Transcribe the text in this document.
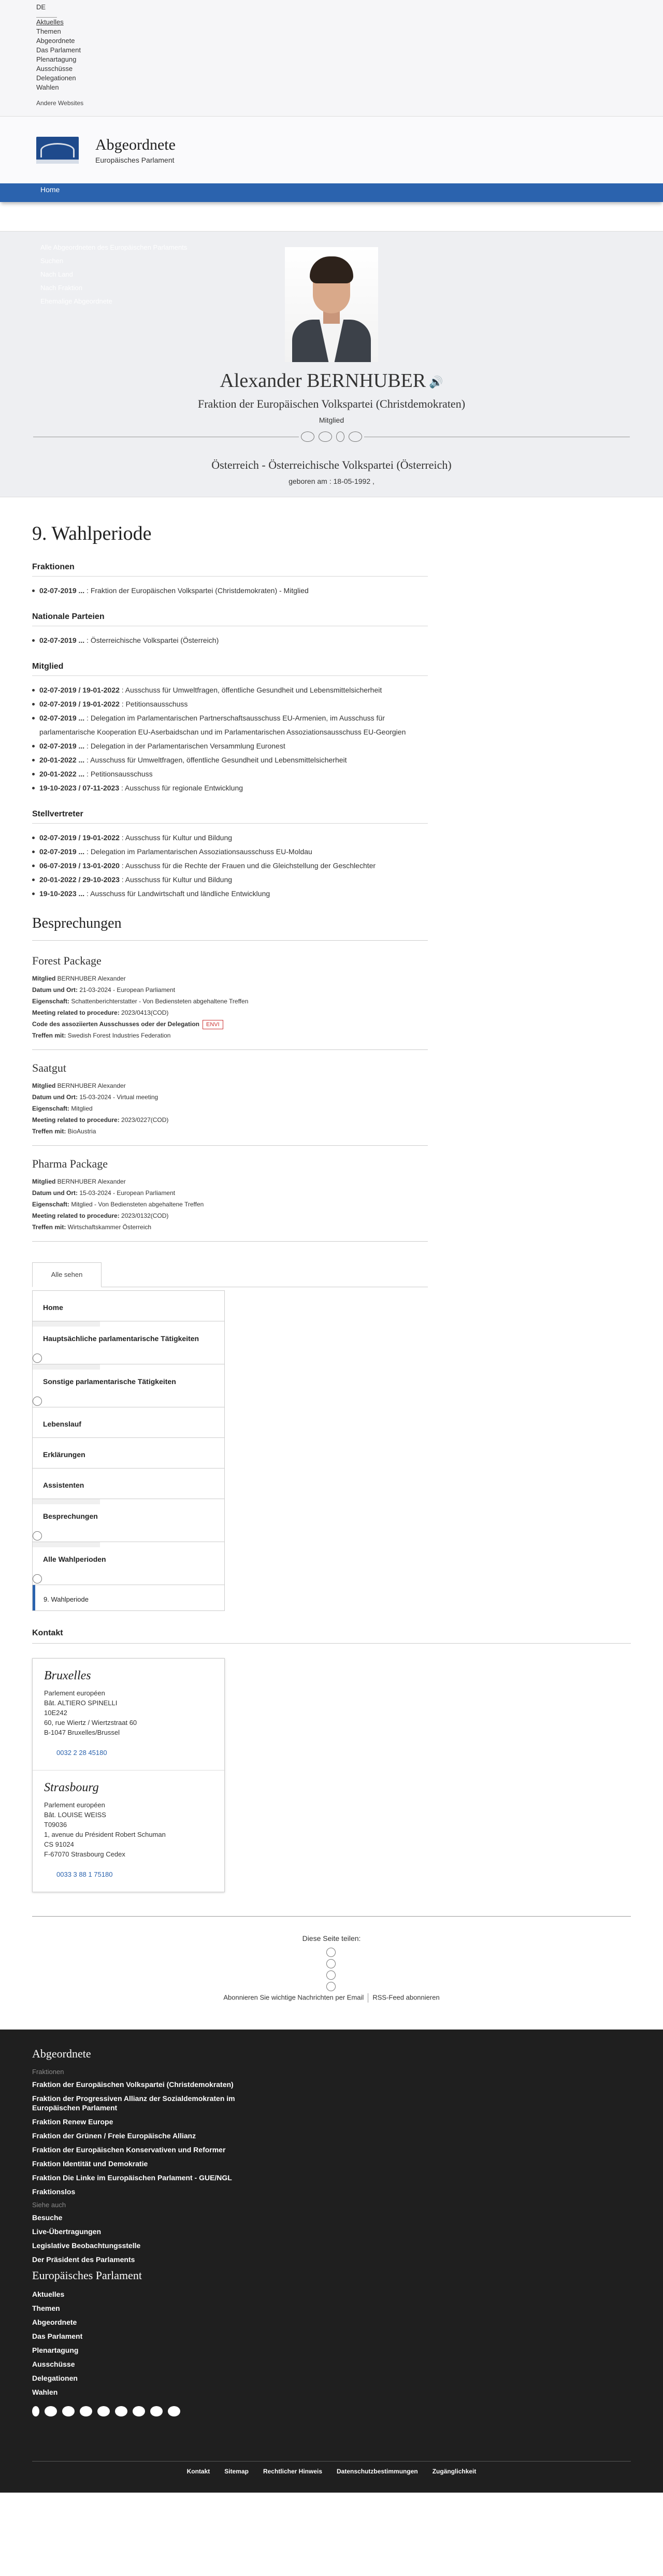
DE
Aktuelles
Themen
Abgeordnete
Das Parlament
Plenartagung
Ausschüsse
Delegationen
Wahlen
Andere Websites
Abgeordnete
Europäisches Parlament
Home
Alle Abgeordneten des Europäischen Parlaments
Suchen
Nach Land
Nach Fraktion
Ehemalige Abgeordnete
Alexander BERNHUBER 🔊
Fraktion der Europäischen Volkspartei (Christdemokraten)
Mitglied
Österreich - Österreichische Volkspartei (Österreich)
geboren am : 18-05-1992 ,
9. Wahlperiode
Fraktionen
02-07-2019 ... : Fraktion der Europäischen Volkspartei (Christdemokraten) - Mitglied
Nationale Parteien
02-07-2019 ... : Österreichische Volkspartei (Österreich)
Mitglied
02-07-2019 / 19-01-2022 : Ausschuss für Umweltfragen, öffentliche Gesundheit und Lebensmittelsicherheit
02-07-2019 / 19-01-2022 : Petitionsausschuss
02-07-2019 ... : Delegation im Parlamentarischen Partnerschaftsausschuss EU-Armenien, im Ausschuss für parlamentarische Kooperation EU-Aserbaidschan und im Parlamentarischen Assoziationsausschuss EU-Georgien
02-07-2019 ... : Delegation in der Parlamentarischen Versammlung Euronest
20-01-2022 ... : Ausschuss für Umweltfragen, öffentliche Gesundheit und Lebensmittelsicherheit
20-01-2022 ... : Petitionsausschuss
19-10-2023 / 07-11-2023 : Ausschuss für regionale Entwicklung
Stellvertreter
02-07-2019 / 19-01-2022 : Ausschuss für Kultur und Bildung
02-07-2019 ... : Delegation im Parlamentarischen Assoziationsausschuss EU-Moldau
06-07-2019 / 13-01-2020 : Ausschuss für die Rechte der Frauen und die Gleichstellung der Geschlechter
20-01-2022 / 29-10-2023 : Ausschuss für Kultur und Bildung
19-10-2023 ... : Ausschuss für Landwirtschaft und ländliche Entwicklung
Besprechungen
Forest Package

Mitglied BERNHUBER Alexander

Datum und Ort: 21-03-2024 - European Parliament

Eigenschaft: Schattenberichterstatter - Von Bediensteten abgehaltene Treffen

Meeting related to procedure: 2023/0413(COD)

Code des assoziierten Ausschusses oder der Delegation ENVI

Treffen mit: Swedish Forest Industries Federation

Saatgut

Mitglied BERNHUBER Alexander

Datum und Ort: 15-03-2024 - Virtual meeting

Eigenschaft: Mitglied

Meeting related to procedure: 2023/0227(COD)

Treffen mit: BioAustria

Pharma Package

Mitglied BERNHUBER Alexander

Datum und Ort: 15-03-2024 - European Parliament

Eigenschaft: Mitglied - Von Bediensteten abgehaltene Treffen

Meeting related to procedure: 2023/0132(COD)

Treffen mit: Wirtschaftskammer Österreich

Alle sehen
Home
Hauptsächliche parlamentarische Tätigkeiten
Sonstige parlamentarische Tätigkeiten
Lebenslauf
Erklärungen
Assistenten
Besprechungen
Alle Wahlperioden
9. Wahlperiode
Kontakt
Bruxelles

Parlement européen

Bât. ALTIERO SPINELLI

10E242

60, rue Wiertz / Wiertzstraat 60

B-1047 Bruxelles/Brussel

0032 2 28 45180
Strasbourg

Parlement européen

Bât. LOUISE WEISS

T09036

1, avenue du Président Robert Schuman

CS 91024

F-67070 Strasbourg Cedex

0033 3 88 1 75180
Diese Seite teilen:
Abonnieren Sie wichtige Nachrichten per Email RSS-Feed abonnieren
Abgeordnete
Fraktionen
Fraktion der Europäischen Volkspartei (Christdemokraten)
Fraktion der Progressiven Allianz der Sozialdemokraten im Europäischen Parlament
Fraktion Renew Europe
Fraktion der Grünen / Freie Europäische Allianz
Fraktion der Europäischen Konservativen und Reformer
Fraktion Identität und Demokratie
Fraktion Die Linke im Europäischen Parlament - GUE/NGL
Fraktionslos
Siehe auch
Besuche
Live-Übertragungen
Legislative Beobachtungsstelle
Der Präsident des Parlaments
Europäisches Parlament
Aktuelles
Themen
Abgeordnete
Das Parlament
Plenartagung
Ausschüsse
Delegationen
Wahlen
Kontakt Sitemap Rechtlicher Hinweis Datenschutzbestimmungen Zugänglichkeit
